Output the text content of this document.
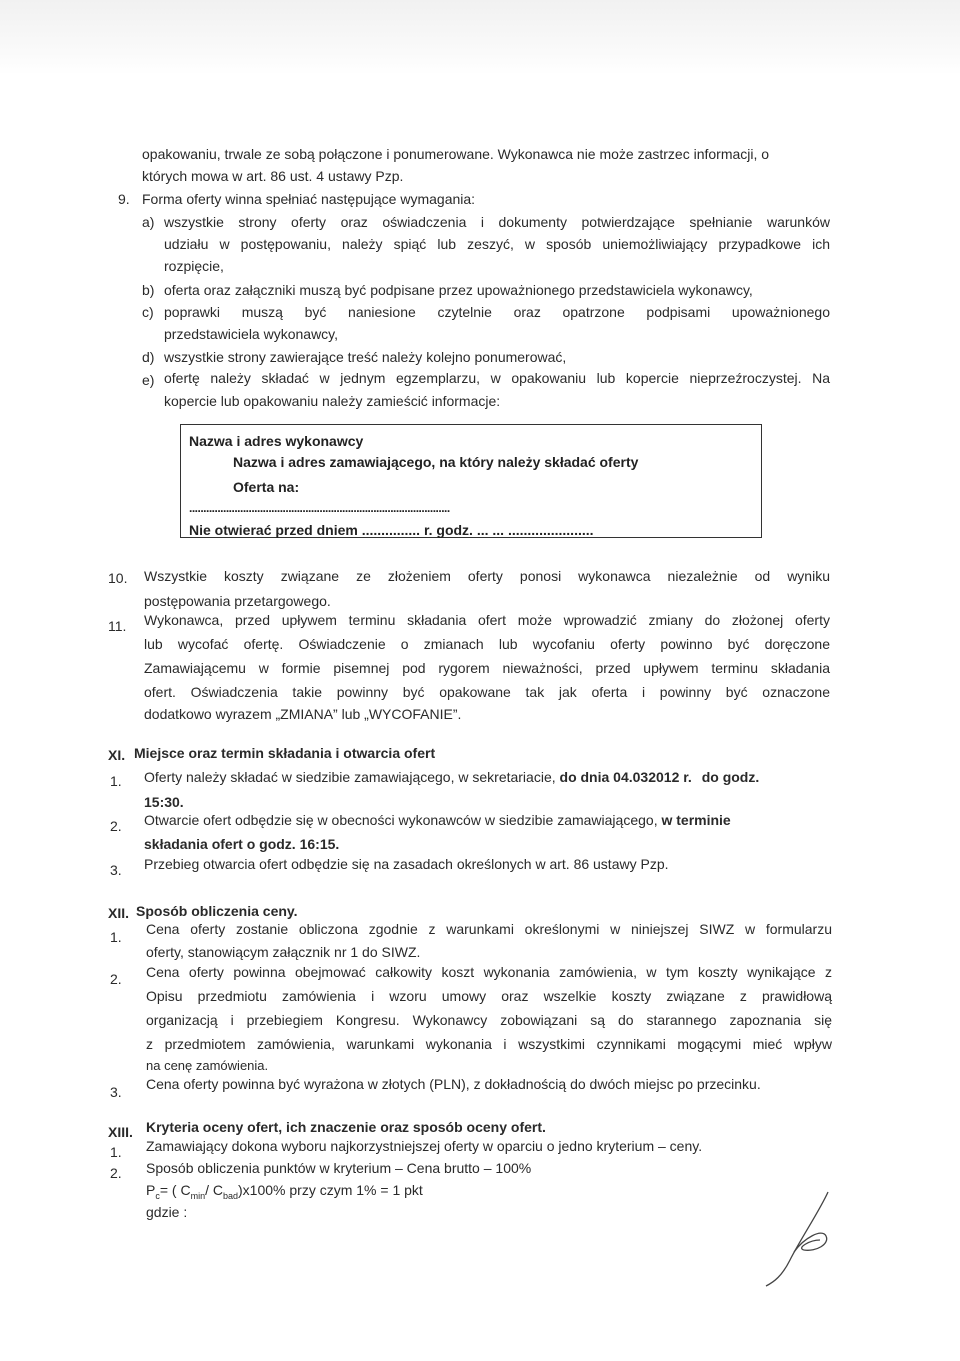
opakowaniu, trwale ze sobą połączone i ponumerowane. Wykonawca nie może zastrzec informacji, o
których mowa w art. 86 ust. 4 ustawy Pzp.
9. Forma oferty winna spełniać następujące wymagania:
a) wszystkie strony oferty oraz oświadczenia i dokumenty potwierdzające spełnianie warunków
udziału w postępowaniu, należy spiąć lub zeszyć, w sposób uniemożliwiający przypadkowe ich
rozpięcie,
b) oferta oraz załączniki muszą być podpisane przez upoważnionego przedstawiciela wykonawcy,
c) poprawki muszą być naniesione czytelnie oraz opatrzone podpisami upoważnionego
przedstawiciela wykonawcy,
d) wszystkie strony zawierające treść należy kolejno ponumerować,
e) ofertę należy składać w jednym egzemplarzu, w opakowaniu lub kopercie nieprzeźroczystej. Na
kopercie lub opakowaniu należy zamieścić informacje:
Nazwa i adres wykonawcy
Nazwa i adres zamawiającego, na który należy składać oferty
Oferta na:
............................................................................................
Nie otwierać przed dniem ............... r. godz. ... ... ......................
10. Wszystkie koszty związane ze złożeniem oferty ponosi wykonawca niezależnie od wyniku
postępowania przetargowego.
11. Wykonawca, przed upływem terminu składania ofert może wprowadzić zmiany do złożonej oferty
lub wycofać ofertę. Oświadczenie o zmianach lub wycofaniu oferty powinno być doręczone
Zamawiającemu w formie pisemnej pod rygorem nieważności, przed upływem terminu składania
ofert. Oświadczenia takie powinny być opakowane tak jak oferta i powinny być oznaczone
dodatkowo wyrazem „ZMIANA” lub „WYCOFANIE”.
XI. Miejsce oraz termin składania i otwarcia ofert
1. Oferty należy składać w siedzibie zamawiającego, w sekretariacie, do dnia 04.032012 r. do godz.
15:30.
2. Otwarcie ofert odbędzie się w obecności wykonawców w siedzibie zamawiającego, w terminie
składania ofert o godz. 16:15.
3. Przebieg otwarcia ofert odbędzie się na zasadach określonych w art. 86 ustawy Pzp.
XII. Sposób obliczenia ceny.
1. Cena oferty zostanie obliczona zgodnie z warunkami określonymi w niniejszej SIWZ w formularzu
oferty, stanowiącym załącznik nr 1 do SIWZ.
2. Cena oferty powinna obejmować całkowity koszt wykonania zamówienia, w tym koszty wynikające z
Opisu przedmiotu zamówienia i wzoru umowy oraz wszelkie koszty związane z prawidłową
organizacją i przebiegiem Kongresu. Wykonawcy zobowiązani są do starannego zapoznania się
z przedmiotem zamówienia, warunkami wykonania i wszystkimi czynnikami mogącymi mieć wpływ
na cenę zamówienia.
3. Cena oferty powinna być wyrażona w złotych (PLN), z dokładnością do dwóch miejsc po przecinku.
XIII. Kryteria oceny ofert, ich znaczenie oraz sposób oceny ofert.
1. Zamawiający dokona wyboru najkorzystniejszej oferty w oparciu o jedno kryterium – ceny.
2. Sposób obliczenia punktów w kryterium – Cena brutto – 100%
$P_c=$ ( $C_{min}/$ $C_{bad})x100\%$ przy czym 1% = 1 pkt
gdzie :
